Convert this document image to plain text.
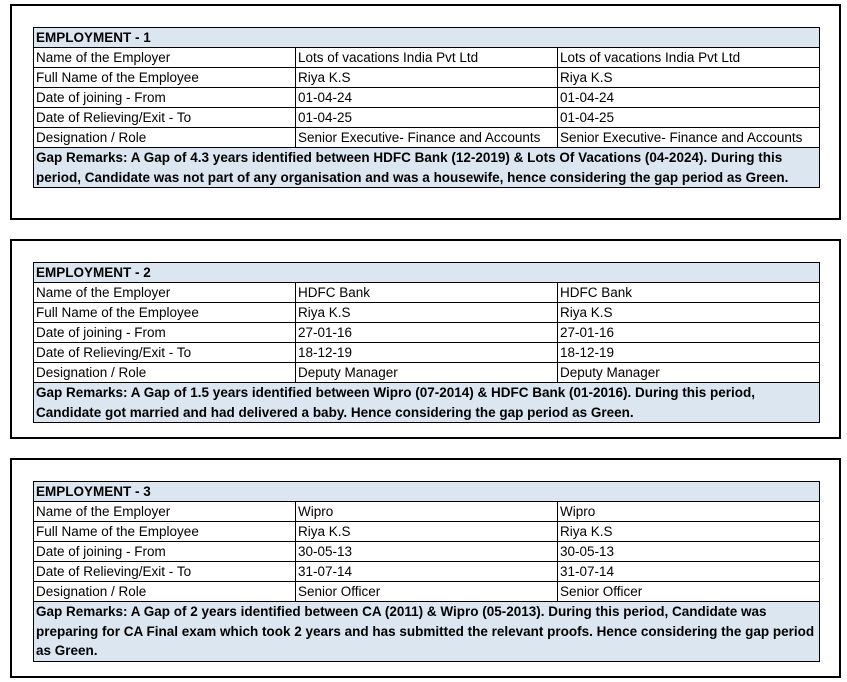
EMPLOYMENT - 1		
Name of the Employer	Lots of vacations India Pvt Ltd	Lots of vacations India Pvt Ltd
Full Name of the Employee	Riya K.S	Riya K.S
Date of joining - From	01-04-24	01-04-24
Date of Relieving/Exit - To	01-04-25	01-04-25
Designation / Role	Senior Executive- Finance and Accounts	Senior Executive- Finance and Accounts
Gap Remarks: A Gap of 4.3 years identified between HDFC Bank (12-2019) & Lots Of Vacations (04-2024). During this period, Candidate was not part of any organisation and was a housewife, hence considering the gap period as Green.		
EMPLOYMENT - 2		
Name of the Employer	HDFC Bank	HDFC Bank
Full Name of the Employee	Riya K.S	Riya K.S
Date of joining - From	27-01-16	27-01-16
Date of Relieving/Exit - To	18-12-19	18-12-19
Designation / Role	Deputy Manager	Deputy Manager
Gap Remarks: A Gap of 1.5 years identified between Wipro (07-2014) & HDFC Bank (01-2016). During this period, Candidate got married and had delivered a baby. Hence considering the gap period as Green.		
EMPLOYMENT - 3		
Name of the Employer	Wipro	Wipro
Full Name of the Employee	Riya K.S	Riya K.S
Date of joining - From	30-05-13	30-05-13
Date of Relieving/Exit - To	31-07-14	31-07-14
Designation / Role	Senior Officer	Senior Officer
Gap Remarks: A Gap of 2 years identified between CA (2011) & Wipro (05-2013). During this period, Candidate was preparing for CA Final exam which took 2 years and has submitted the relevant proofs. Hence considering the gap period as Green.		
